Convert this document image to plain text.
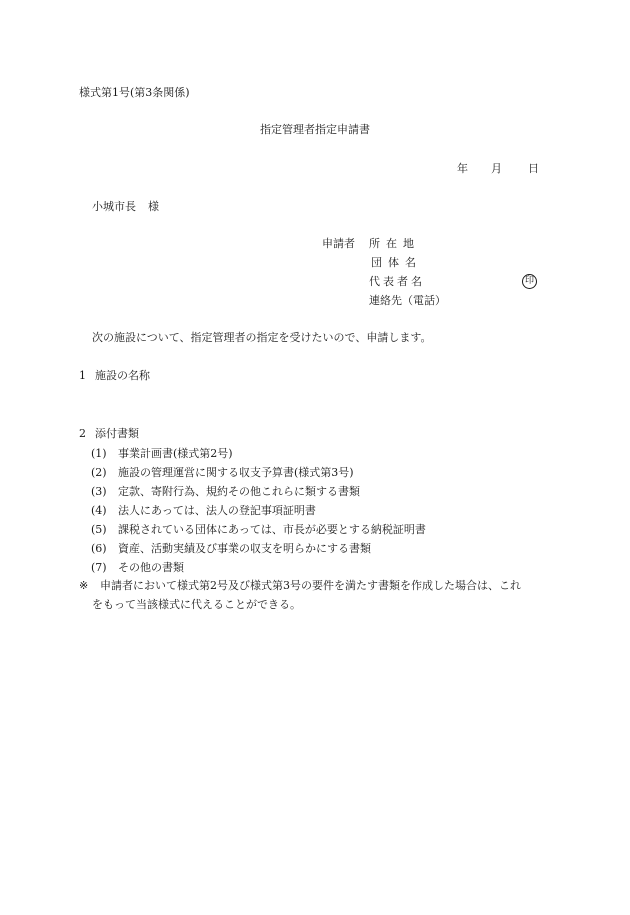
様式第1号(第3条関係)
指定管理者指定申請書
年 月 日
小城市長 様
申請者 所在地
団体名
代表者名
連絡先（電話）
印
次の施設について、指定管理者の指定を受けたいので、申請します。
1 施設の名称
2 添付書類
(1) 事業計画書(様式第2号)
(2) 施設の管理運営に関する収支予算書(様式第3号)
(3) 定款、寄附行為、規約その他これらに類する書類
(4) 法人にあっては、法人の登記事項証明書
(5) 課税されている団体にあっては、市長が必要とする納税証明書
(6) 資産、活動実績及び事業の収支を明らかにする書類
(7) その他の書類
※ 申請者において様式第2号及び様式第3号の要件を満たす書類を作成した場合は、これ
をもって当該様式に代えることができる。
